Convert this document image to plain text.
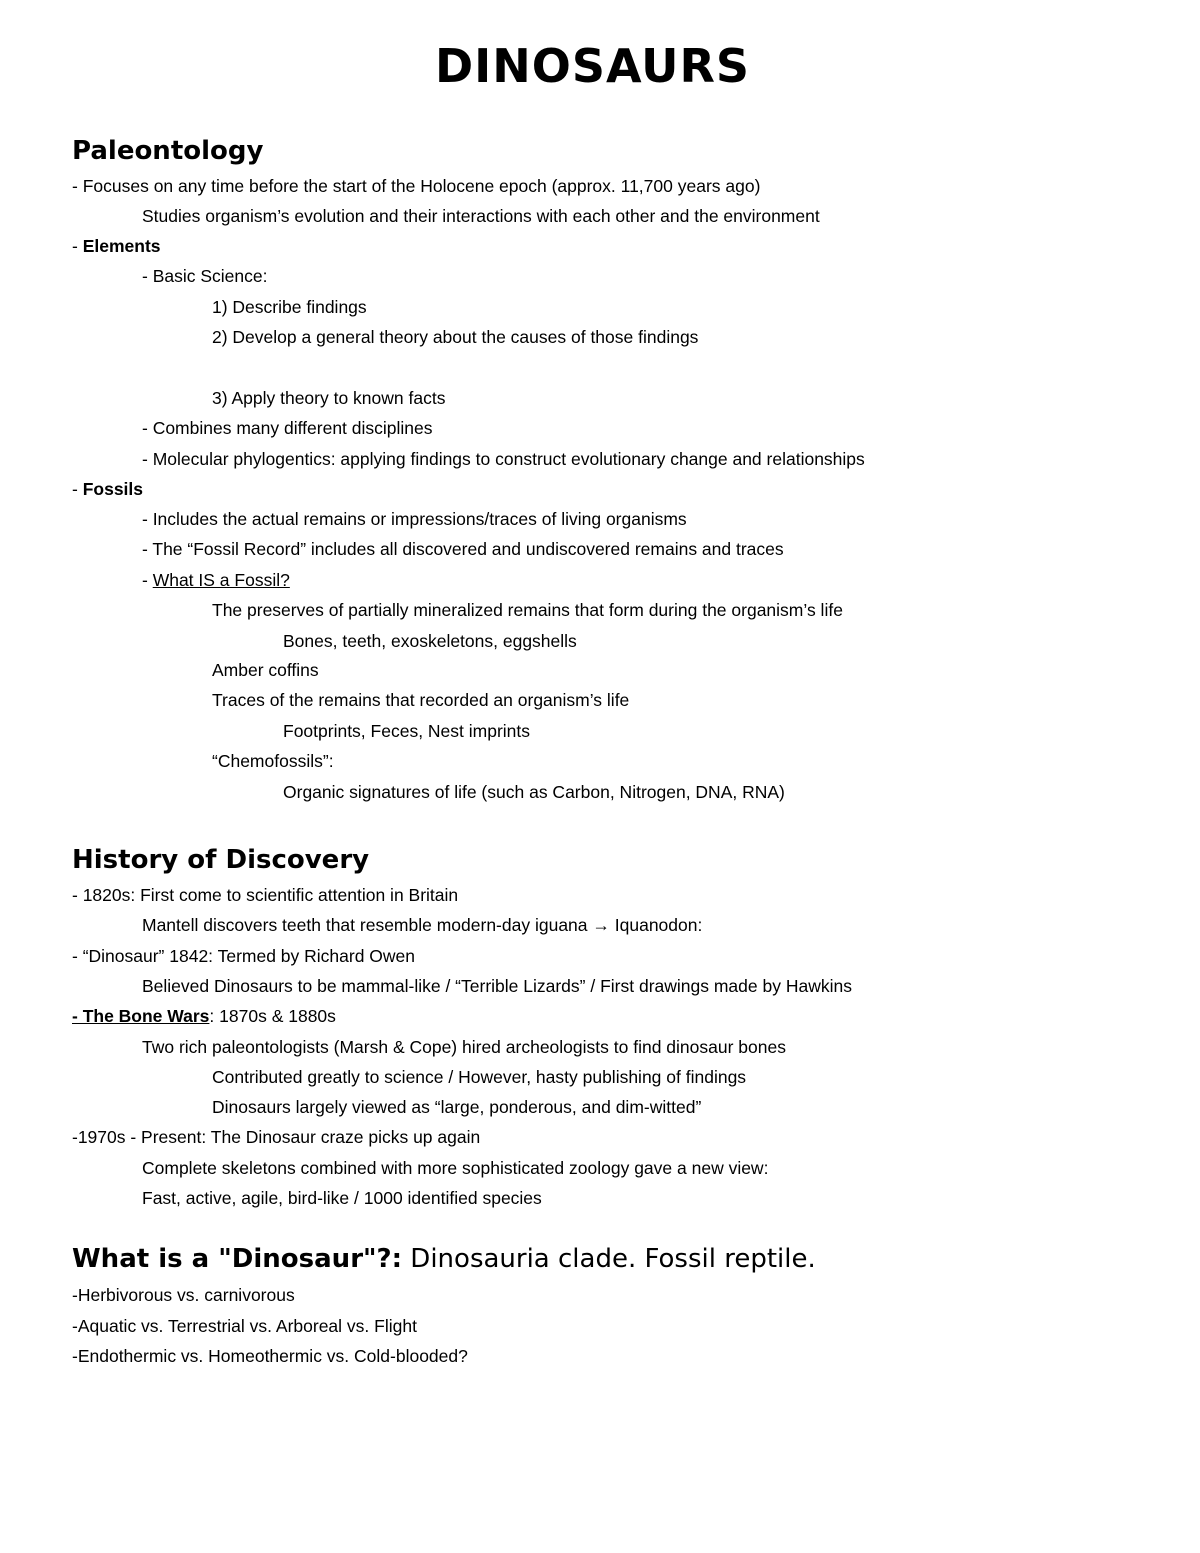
DINOSAURS
Paleontology

- Focuses on any time before the start of the Holocene epoch (approx. 11,700 years ago)

Studies organism’s evolution and their interactions with each other and the environment

- Elements

- Basic Science:

1) Describe findings

2) Develop a general theory about the causes of those findings

3) Apply theory to known facts

- Combines many different disciplines

- Molecular phylogentics: applying findings to construct evolutionary change and relationships

- Fossils

- Includes the actual remains or impressions/traces of living organisms

- The “Fossil Record” includes all discovered and undiscovered remains and traces

- What IS a Fossil?

The preserves of partially mineralized remains that form during the organism’s life

Bones, teeth, exoskeletons, eggshells

Amber coffins

Traces of the remains that recorded an organism’s life

Footprints, Feces, Nest imprints

“Chemofossils”:

Organic signatures of life (such as Carbon, Nitrogen, DNA, RNA)

History of Discovery

- 1820s: First come to scientific attention in Britain

Mantell discovers teeth that resemble modern-day iguana → Iquanodon:

- “Dinosaur” 1842: Termed by Richard Owen

Believed Dinosaurs to be mammal-like / “Terrible Lizards” / First drawings made by Hawkins

- The Bone Wars: 1870s & 1880s

Two rich paleontologists (Marsh & Cope) hired archeologists to find dinosaur bones

Contributed greatly to science / However, hasty publishing of findings

Dinosaurs largely viewed as “large, ponderous, and dim-witted”

-1970s - Present: The Dinosaur craze picks up again

Complete skeletons combined with more sophisticated zoology gave a new view:

Fast, active, agile, bird-like / 1000 identified species

What is a "Dinosaur"?: Dinosauria clade. Fossil reptile.

-Herbivorous vs. carnivorous

-Aquatic vs. Terrestrial vs. Arboreal vs. Flight

-Endothermic vs. Homeothermic vs. Cold-blooded?
